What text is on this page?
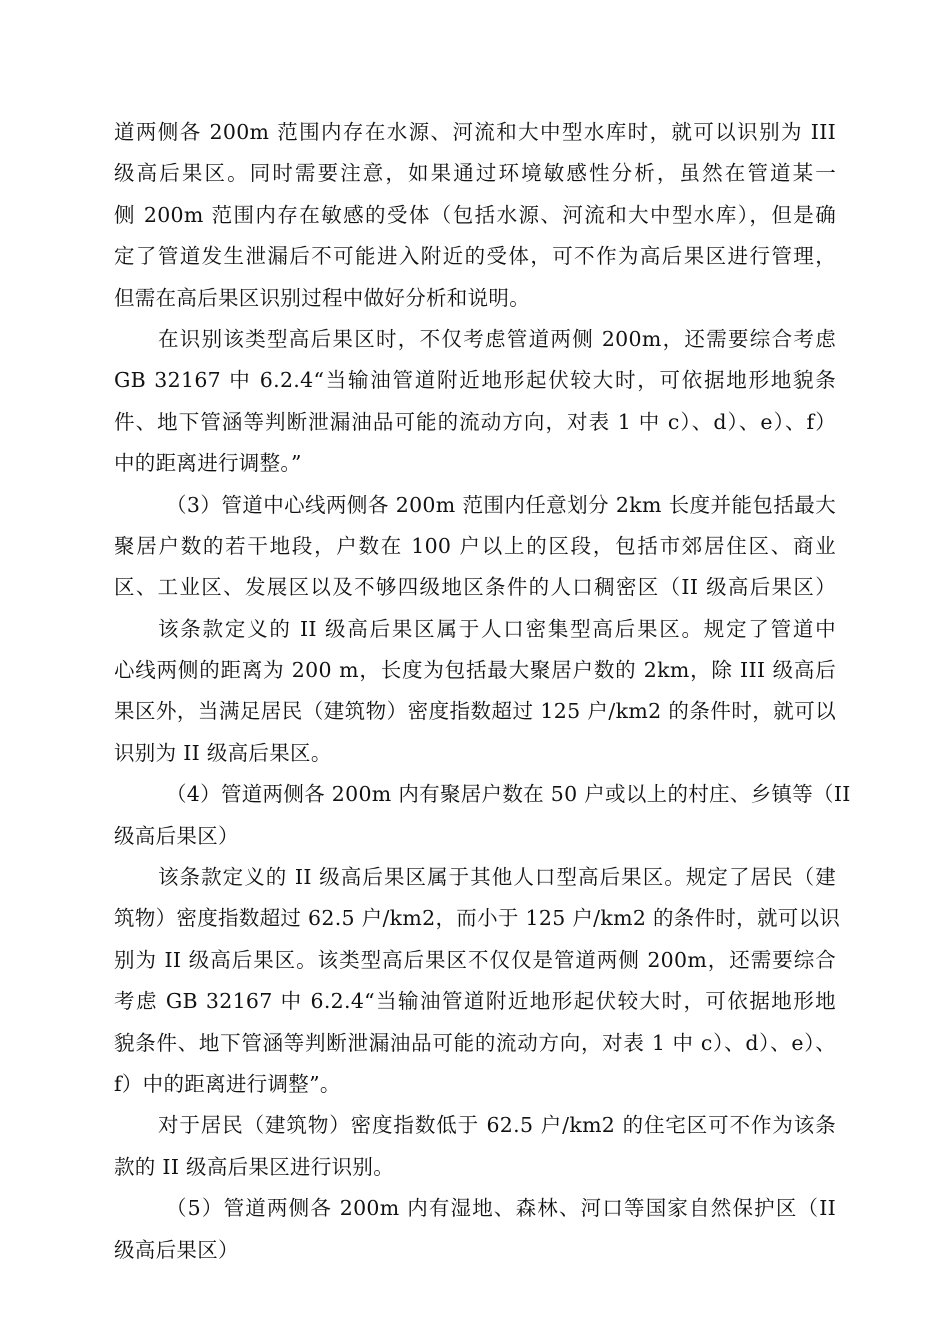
道两侧各 200m 范围内存在水源、河流和大中型水库时，就可以识别为 III
级高后果区。同时需要注意，如果通过环境敏感性分析，虽然在管道某一
侧 200m 范围内存在敏感的受体（包括水源、河流和大中型水库），但是确
定了管道发生泄漏后不可能进入附近的受体，可不作为高后果区进行管理，
但需在高后果区识别过程中做好分析和说明。
在识别该类型高后果区时，不仅考虑管道两侧 200m，还需要综合考虑
GB 32167 中 6.2.4“当输油管道附近地形起伏较大时，可依据地形地貌条
件、地下管涵等判断泄漏油品可能的流动方向，对表 1 中 c）、d）、e）、f）
中的距离进行调整。”
（3）管道中心线两侧各 200m 范围内任意划分 2km 长度并能包括最大
聚居户数的若干地段，户数在 100 户以上的区段，包括市郊居住区、商业
区、工业区、发展区以及不够四级地区条件的人口稠密区（II 级高后果区）
该条款定义的 II 级高后果区属于人口密集型高后果区。规定了管道中
心线两侧的距离为 200 m，长度为包括最大聚居户数的 2km，除 III 级高后
果区外，当满足居民（建筑物）密度指数超过 125 户/km2 的条件时，就可以
识别为 II 级高后果区。
（4）管道两侧各 200m 内有聚居户数在 50 户或以上的村庄、乡镇等（II
级高后果区）
该条款定义的 II 级高后果区属于其他人口型高后果区。规定了居民（建
筑物）密度指数超过 62.5 户/km2，而小于 125 户/km2 的条件时，就可以识
别为 II 级高后果区。该类型高后果区不仅仅是管道两侧 200m，还需要综合
考虑 GB 32167 中 6.2.4“当输油管道附近地形起伏较大时，可依据地形地
貌条件、地下管涵等判断泄漏油品可能的流动方向，对表 1 中 c）、d）、e）、
f）中的距离进行调整”。
对于居民（建筑物）密度指数低于 62.5 户/km2 的住宅区可不作为该条
款的 II 级高后果区进行识别。
（5）管道两侧各 200m 内有湿地、森林、河口等国家自然保护区（II
级高后果区）
